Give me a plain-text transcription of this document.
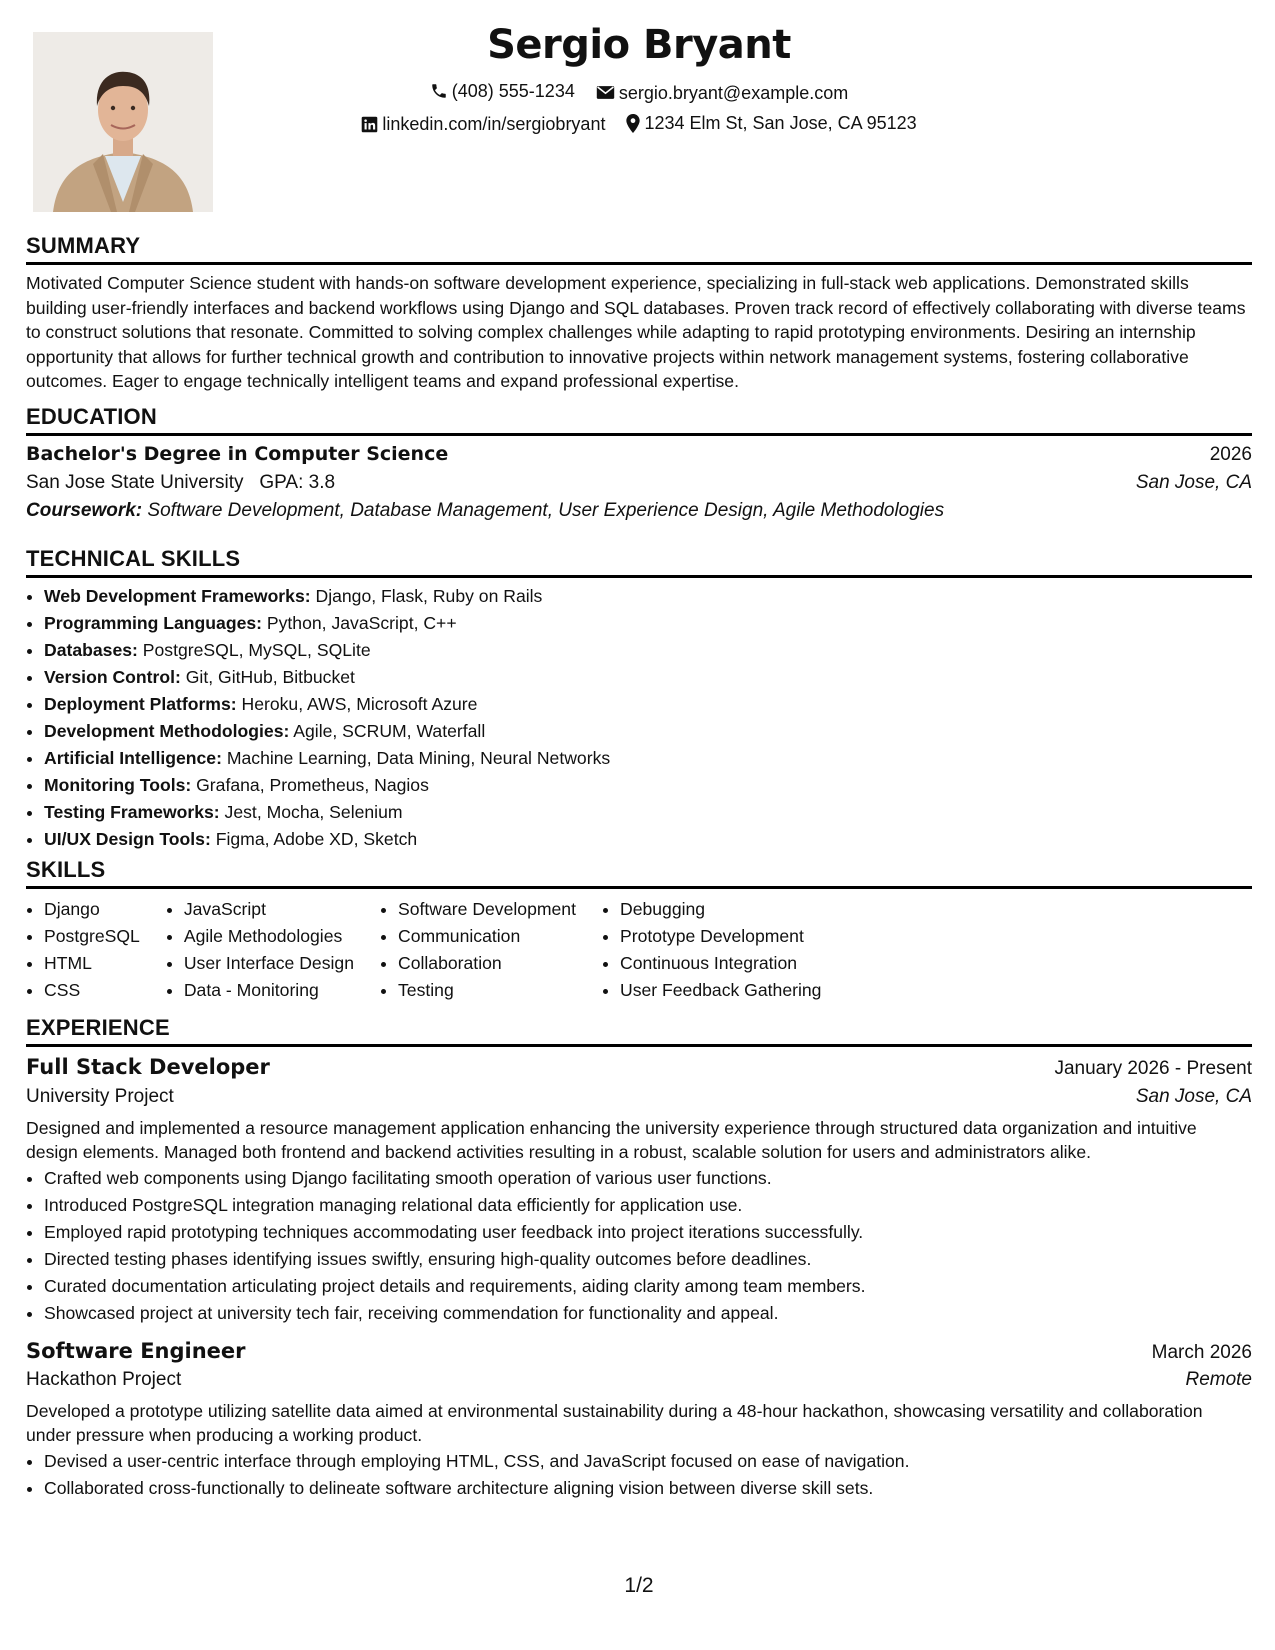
Sergio Bryant
(408) 555-1234
sergio.bryant@example.com
linkedin.com/in/sergiobryant
1234 Elm St, San Jose, CA 95123
SUMMARY

Motivated Computer Science student with hands-on software development experience, specializing in full-stack web applications. Demonstrated skills building user-friendly interfaces and backend workflows using Django and SQL databases. Proven track record of effectively collaborating with diverse teams to construct solutions that resonate. Committed to solving complex challenges while adapting to rapid prototyping environments. Desiring an internship opportunity that allows for further technical growth and contribution to innovative projects within network management systems, fostering collaborative outcomes. Eager to engage technically intelligent teams and expand professional expertise.

EDUCATION
Bachelor's Degree in Computer Science	2026
San Jose State University GPA: 3.8	San Jose, CA
Coursework: Software Development, Database Management, User Experience Design, Agile Methodologies
TECHNICAL SKILLS
• Web Development Frameworks: Django, Flask, Ruby on Rails
• Programming Languages: Python, JavaScript, C++
• Databases: PostgreSQL, MySQL, SQLite
• Version Control: Git, GitHub, Bitbucket
• Deployment Platforms: Heroku, AWS, Microsoft Azure
• Development Methodologies: Agile, SCRUM, Waterfall
• Artificial Intelligence: Machine Learning, Data Mining, Neural Networks
• Monitoring Tools: Grafana, Prometheus, Nagios
• Testing Frameworks: Jest, Mocha, Selenium
• UI/UX Design Tools: Figma, Adobe XD, Sketch
SKILLS
• Django
• PostgreSQL
• HTML
• CSS
• JavaScript
• Agile Methodologies
• User Interface Design
• Data - Monitoring
• Software Development
• Communication
• Collaboration
• Testing
• Debugging
• Prototype Development
• Continuous Integration
• User Feedback Gathering
EXPERIENCE
Full Stack Developer	January 2026 - Present
University Project	San Jose, CA

Designed and implemented a resource management application enhancing the university experience through structured data organization and intuitive design elements. Managed both frontend and backend activities resulting in a robust, scalable solution for users and administrators alike.

• Crafted web components using Django facilitating smooth operation of various user functions.
• Introduced PostgreSQL integration managing relational data efficiently for application use.
• Employed rapid prototyping techniques accommodating user feedback into project iterations successfully.
• Directed testing phases identifying issues swiftly, ensuring high-quality outcomes before deadlines.
• Curated documentation articulating project details and requirements, aiding clarity among team members.
• Showcased project at university tech fair, receiving commendation for functionality and appeal.
Software Engineer	March 2026
Hackathon Project	Remote

Developed a prototype utilizing satellite data aimed at environmental sustainability during a 48-hour hackathon, showcasing versatility and collaboration under pressure when producing a working product.

• Devised a user-centric interface through employing HTML, CSS, and JavaScript focused on ease of navigation.
• Collaborated cross-functionally to delineate software architecture aligning vision between diverse skill sets.
1/2
